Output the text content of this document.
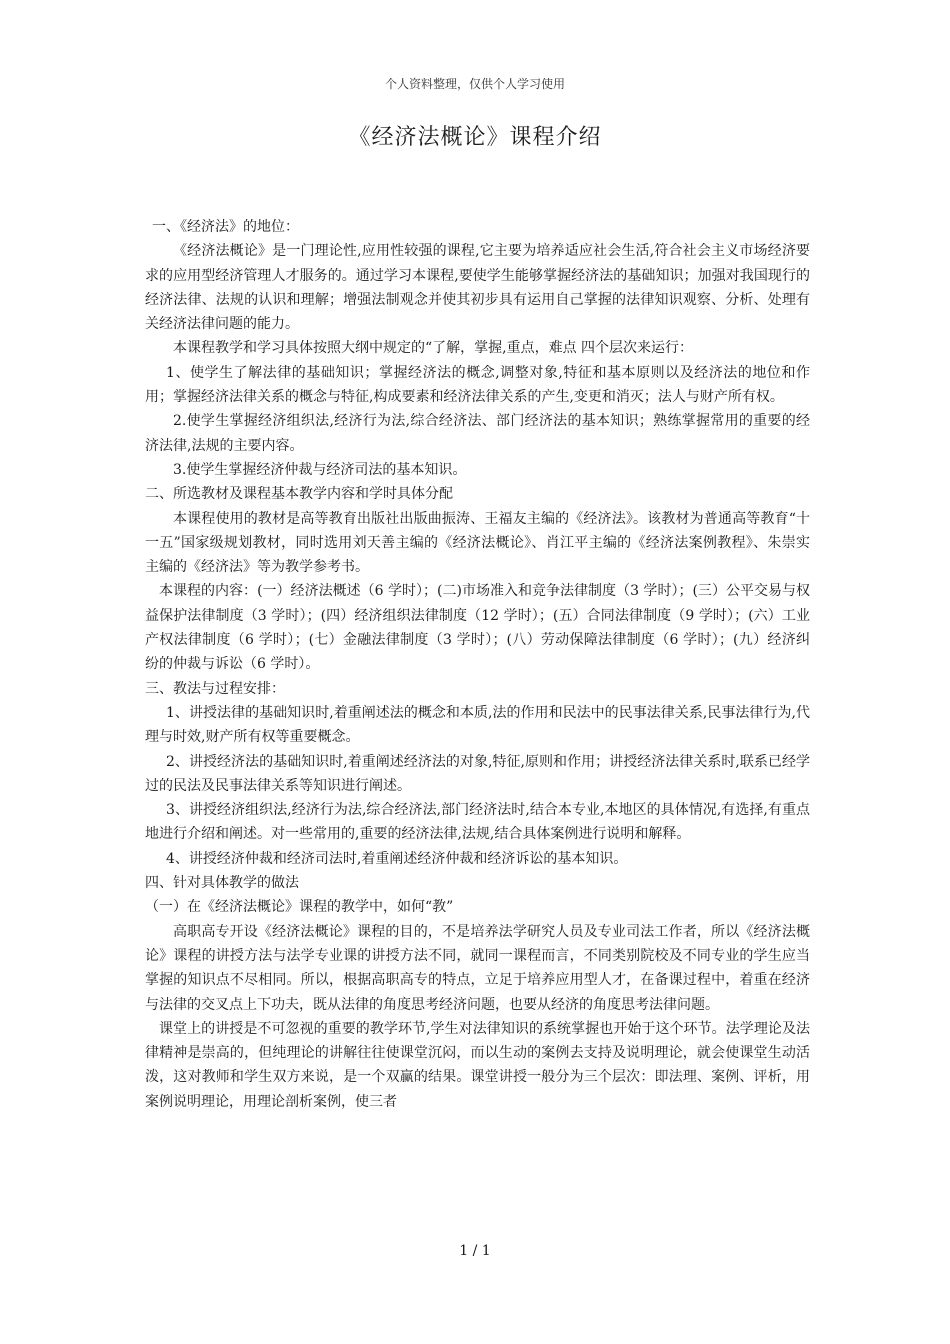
个人资料整理，仅供个人学习使用
《经济法概论》课程介绍

一、《经济法》的地位：

《经济法概论》是一门理论性,应用性较强的课程,它主要为培养适应社会生活,符合社会主义市场经济要求的应用型经济管理人才服务的。通过学习本课程,要使学生能够掌握经济法的基础知识；加强对我国现行的经济法律、法规的认识和理解；增强法制观念并使其初步具有运用自己掌握的法律知识观察、分析、处理有关经济法律问题的能力。

本课程教学和学习具体按照大纲中规定的“了解，掌握,重点，难点 四个层次来运行：

1、使学生了解法律的基础知识；掌握经济法的概念,调整对象,特征和基本原则以及经济法的地位和作用；掌握经济法律关系的概念与特征,构成要素和经济法律关系的产生,变更和消灭；法人与财产所有权。

2.使学生掌握经济组织法,经济行为法,综合经济法、部门经济法的基本知识；熟练掌握常用的重要的经济法律,法规的主要内容。

3.使学生掌握经济仲裁与经济司法的基本知识。

二、所选教材及课程基本教学内容和学时具体分配

本课程使用的教材是高等教育出版社出版曲振涛、王福友主编的《经济法》。该教材为普通高等教育“十一五”国家级规划教材，同时选用刘天善主编的《经济法概论》、肖江平主编的《经济法案例教程》、朱崇实主编的《经济法》等为教学参考书。

本课程的内容：(一）经济法概述（6 学时）；(二)市场准入和竞争法律制度（3 学时）；(三）公平交易与权益保护法律制度（3 学时）；(四）经济组织法律制度（12 学时）；(五）合同法律制度（9 学时）；(六）工业产权法律制度（6 学时）；(七）金融法律制度（3 学时）；(八）劳动保障法律制度（6 学时）；(九）经济纠纷的仲裁与诉讼（6 学时）。

三、教法与过程安排：

1、讲授法律的基础知识时,着重阐述法的概念和本质,法的作用和民法中的民事法律关系,民事法律行为,代理与时效,财产所有权等重要概念。

2、讲授经济法的基础知识时,着重阐述经济法的对象,特征,原则和作用；讲授经济法律关系时,联系已经学过的民法及民事法律关系等知识进行阐述。

3、讲授经济组织法,经济行为法,综合经济法,部门经济法时,结合本专业,本地区的具体情况,有选择,有重点地进行介绍和阐述。对一些常用的,重要的经济法律,法规,结合具体案例进行说明和解释。

4、讲授经济仲裁和经济司法时,着重阐述经济仲裁和经济诉讼的基本知识。

四、针对具体教学的做法

（一）在《经济法概论》课程的教学中，如何“教”

高职高专开设《经济法概论》课程的目的，不是培养法学研究人员及专业司法工作者，所以《经济法概论》课程的讲授方法与法学专业课的讲授方法不同，就同一课程而言，不同类别院校及不同专业的学生应当掌握的知识点不尽相同。所以，根据高职高专的特点，立足于培养应用型人才，在备课过程中，着重在经济与法律的交叉点上下功夫，既从法律的角度思考经济问题，也要从经济的角度思考法律问题。

课堂上的讲授是不可忽视的重要的教学环节,学生对法律知识的系统掌握也开始于这个环节。法学理论及法律精神是崇高的，但纯理论的讲解往往使课堂沉闷，而以生动的案例去支持及说明理论，就会使课堂生动活泼，这对教师和学生双方来说，是一个双赢的结果。课堂讲授一般分为三个层次：即法理、案例、评析，用案例说明理论，用理论剖析案例，使三者

1 / 1
